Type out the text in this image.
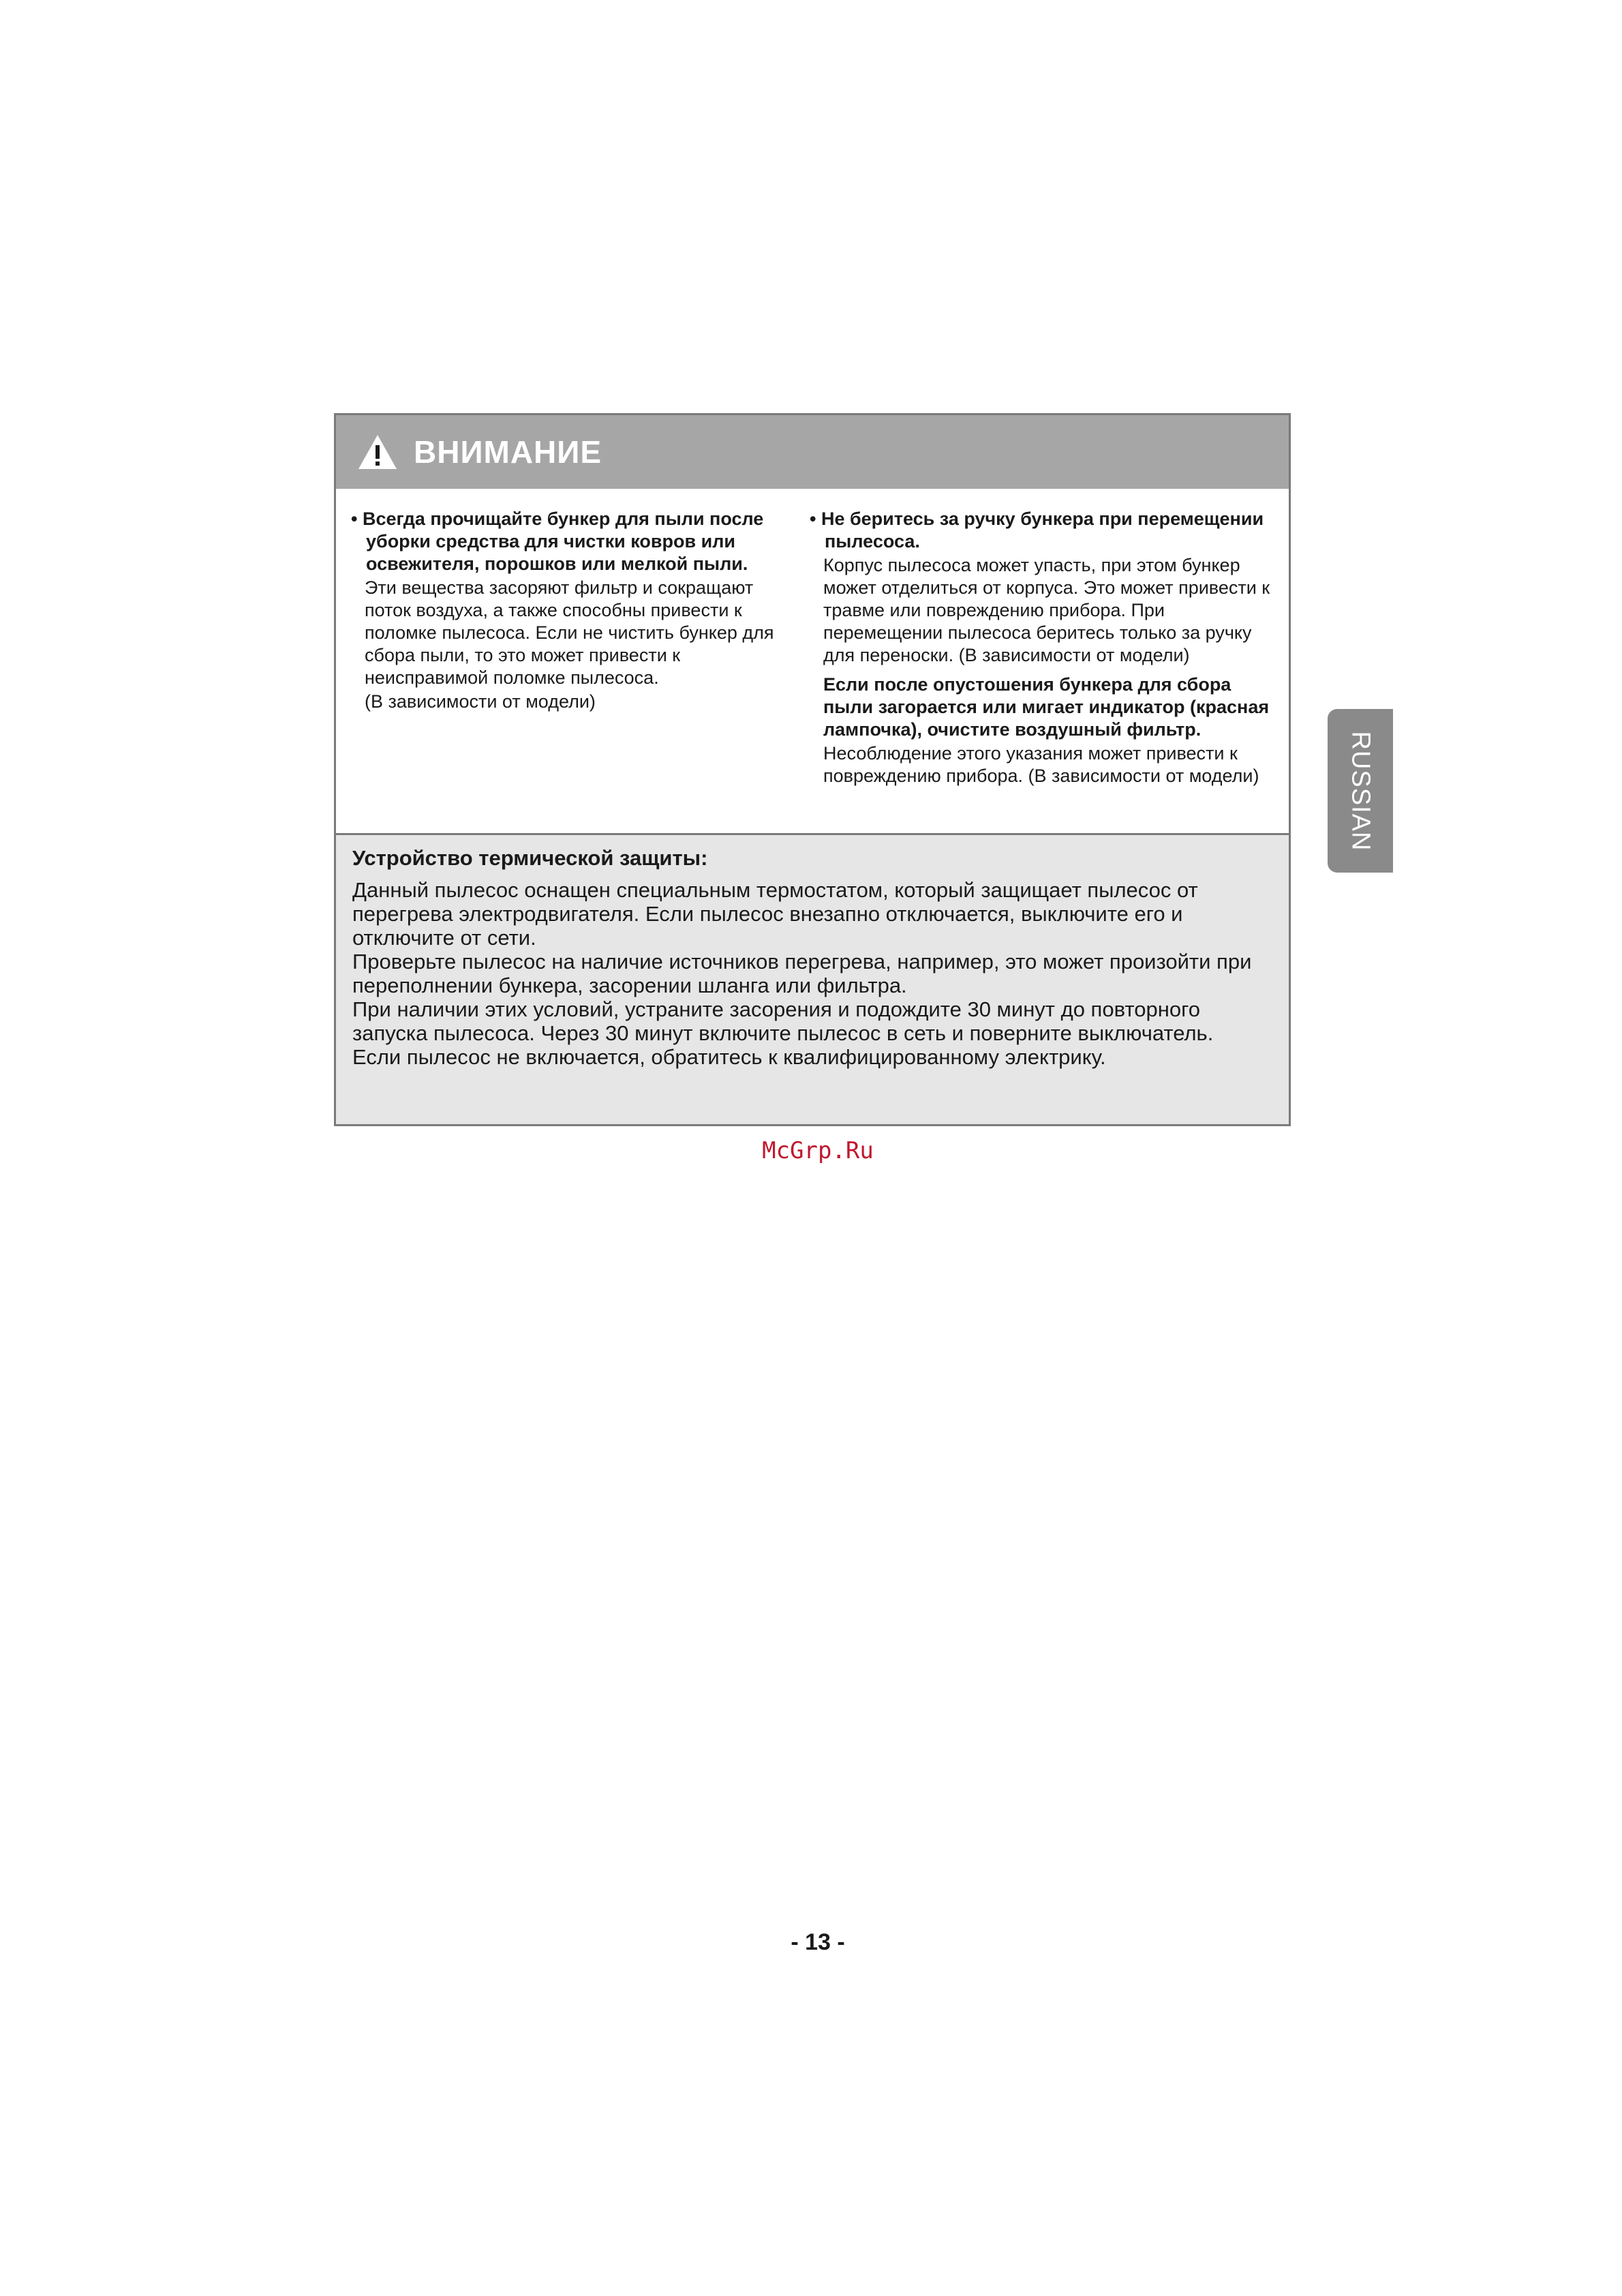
ВНИМАНИЕ
• Всегда прочищайте бункер для пыли после уборки средства для чистки ковров или освежителя, порошков или мелкой пыли.
Эти вещества засоряют фильтр и сокращают поток воздуха, а также способны привести к поломке пылесоса. Если не чистить бункер для сбора пыли, то это может привести к неисправимой поломке пылесоса.
(В зависимости от модели)
• Не беритесь за ручку бункера при перемещении пылесоса.
Корпус пылесоса может упасть, при этом бункер может отделиться от корпуса. Это может привести к травме или повреждению прибора. При перемещении пылесоса беритесь только за ручку для переноски. (В зависимости от модели)
Если после опустошения бункера для сбора пыли загорается или мигает индикатор (красная лампочка), очистите воздушный фильтр.
Несоблюдение этого указания может привести к повреждению прибора. (В зависимости от модели)
Устройство термической защиты:

Данный пылесос оснащен специальным термостатом, который защищает пылесос от перегрева электродвигателя. Если пылесос внезапно отключается, выключите его и отключите от сети.

Проверьте пылесос на наличие источников перегрева, например, это может произойти при переполнении бункера, засорении шланга или фильтра.

При наличии этих условий, устраните засорения и подождите 30 минут до повторного запуска пылесоса. Через 30 минут включите пылесос в сеть и поверните выключатель.

Если пылесос не включается, обратитесь к квалифицированному электрику.

RUSSIAN
McGrp.Ru
- 13 -
